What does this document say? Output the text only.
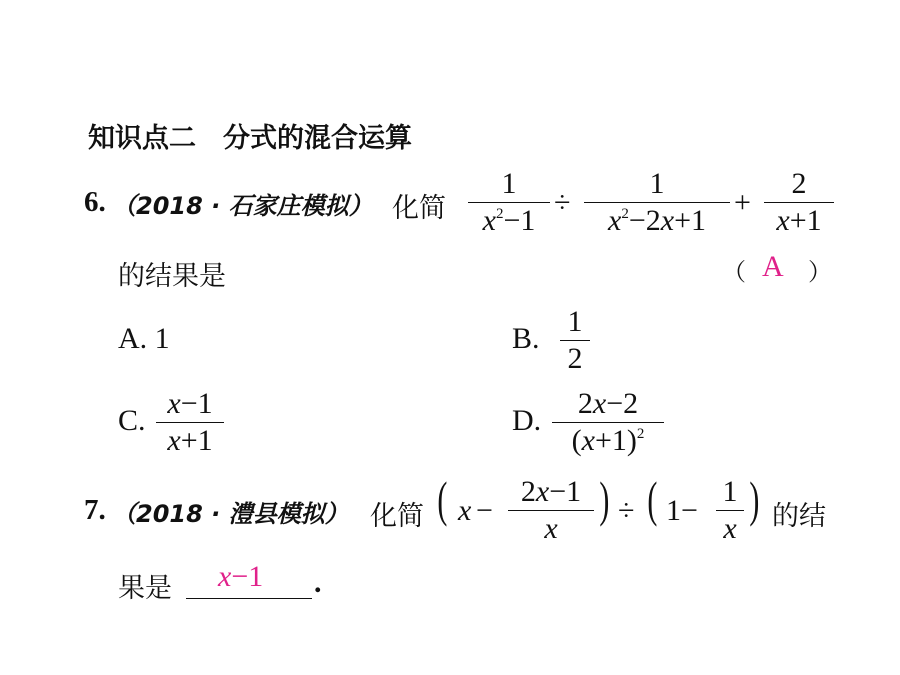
知识点二　分式的混合运算
6. （2018 · 石家庄模拟） 化简
1
$x^2-1$
÷
1
$x^2-2x+1$
+
2
x+1
的结果是	（ A ）
A. 1	B.
1
2
C.
x−1
x+1
D.
2x−2
$(x+1)^2$
7. （2018 · 澧县模拟） 化简 ( x −
2x−1
x
) ÷ ( 1−
1
x
) 的结
果是 x−1 .
